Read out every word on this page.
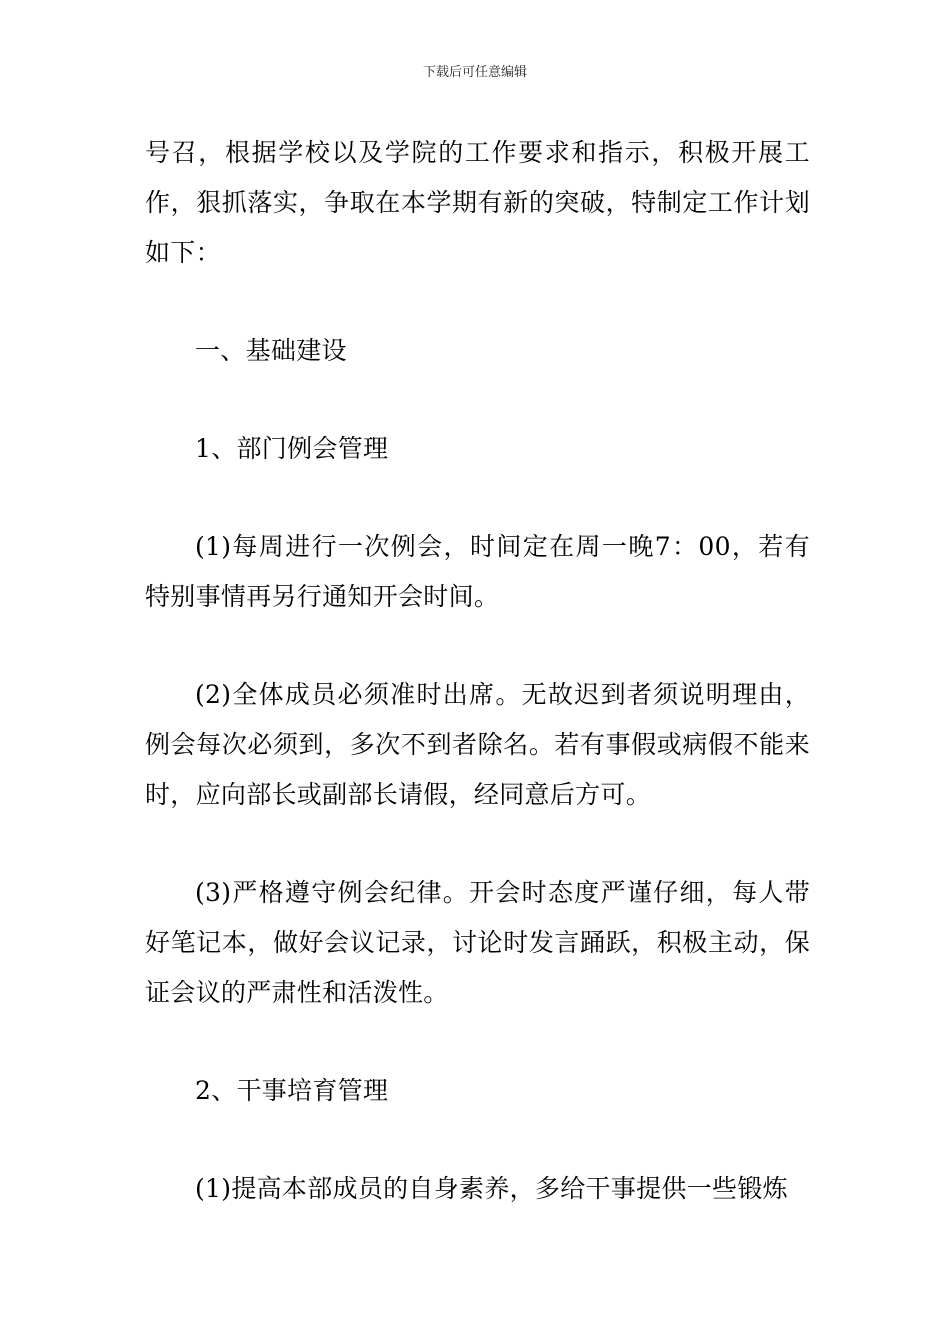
下载后可任意编辑

号召，根据学校以及学院的工作要求和指示，积极开展工作，狠抓落实，争取在本学期有新的突破，特制定工作计划如下：

一、基础建设

1、部门例会管理

(1)每周进行一次例会，时间定在周一晚7：00，若有特别事情再另行通知开会时间。

(2)全体成员必须准时出席。无故迟到者须说明理由，例会每次必须到，多次不到者除名。若有事假或病假不能来时，应向部长或副部长请假，经同意后方可。

(3)严格遵守例会纪律。开会时态度严谨仔细，每人带好笔记本，做好会议记录，讨论时发言踊跃，积极主动，保证会议的严肃性和活泼性。

2、干事培育管理

(1)提高本部成员的自身素养，多给干事提供一些锻炼
